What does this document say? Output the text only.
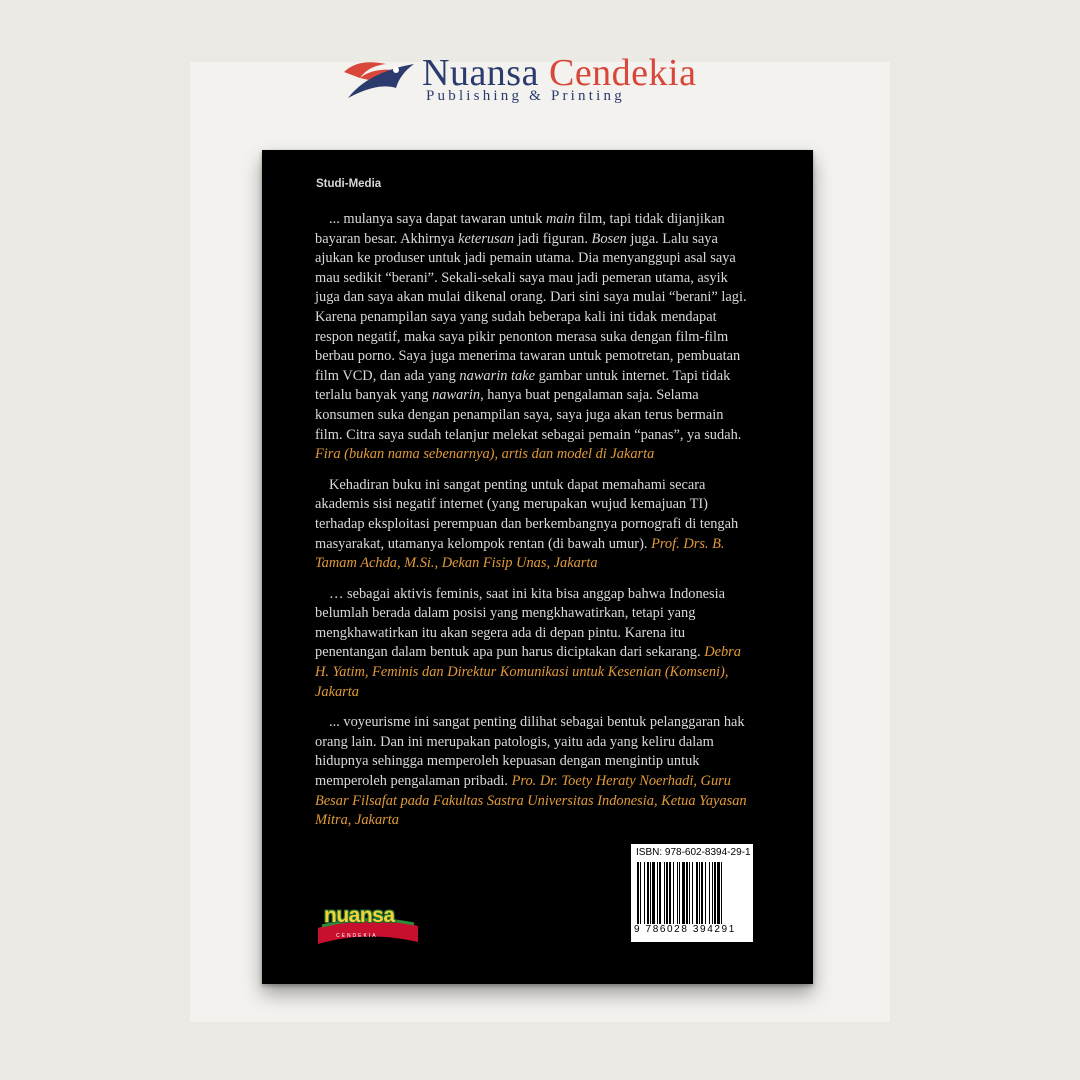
Nuansa Cendekia

Publishing & Printing

Studi-Media

... mulanya saya dapat tawaran untuk main film, tapi tidak dijanjikan bayaran besar. Akhirnya keterusan jadi figuran. Bosen juga. Lalu saya ajukan ke produser untuk jadi pemain utama. Dia menyanggupi asal saya mau sedikit “berani”. Sekali-sekali saya mau jadi pemeran utama, asyik juga dan saya akan mulai dikenal orang. Dari sini saya mulai “berani” lagi. Karena penampilan saya yang sudah beberapa kali ini tidak mendapat respon negatif, maka saya pikir penonton merasa suka dengan film-film berbau porno. Saya juga menerima tawaran untuk pemotretan, pembuatan film VCD, dan ada yang nawarin take gambar untuk internet. Tapi tidak terlalu banyak yang nawarin, hanya buat pengalaman saja. Selama konsumen suka dengan penampilan saya, saya juga akan terus bermain film. Citra saya sudah telanjur melekat sebagai pemain “panas”, ya sudah. Fira (bukan nama sebenarnya), artis dan model di Jakarta

Kehadiran buku ini sangat penting untuk dapat memahami secara akademis sisi negatif internet (yang merupakan wujud kemajuan TI) terhadap eksploitasi perempuan dan berkembangnya pornografi di tengah masyarakat, utamanya kelompok rentan (di bawah umur). Prof. Drs. B. Tamam Achda, M.Si., Dekan Fisip Unas, Jakarta

… sebagai aktivis feminis, saat ini kita bisa anggap bahwa Indonesia belumlah berada dalam posisi yang mengkhawatirkan, tetapi yang mengkhawatirkan itu akan segera ada di depan pintu. Karena itu penentangan dalam bentuk apa pun harus diciptakan dari sekarang. Debra H. Yatim, Feminis dan Direktur Komunikasi untuk Kesenian (Komseni), Jakarta

... voyeurisme ini sangat penting dilihat sebagai bentuk pelanggaran hak orang lain. Dan ini merupakan patologis, yaitu ada yang keliru dalam hidupnya sehingga memperoleh kepuasan dengan mengintip untuk memperoleh pengalaman pribadi. Pro. Dr. Toety Heraty Noerhadi, Guru Besar Filsafat pada Fakultas Sastra Universitas Indonesia, Ketua Yayasan Mitra, Jakarta

ISBN: 978-602-8394-29-1

9 786028 394291

nuansa

CENDEKIA
